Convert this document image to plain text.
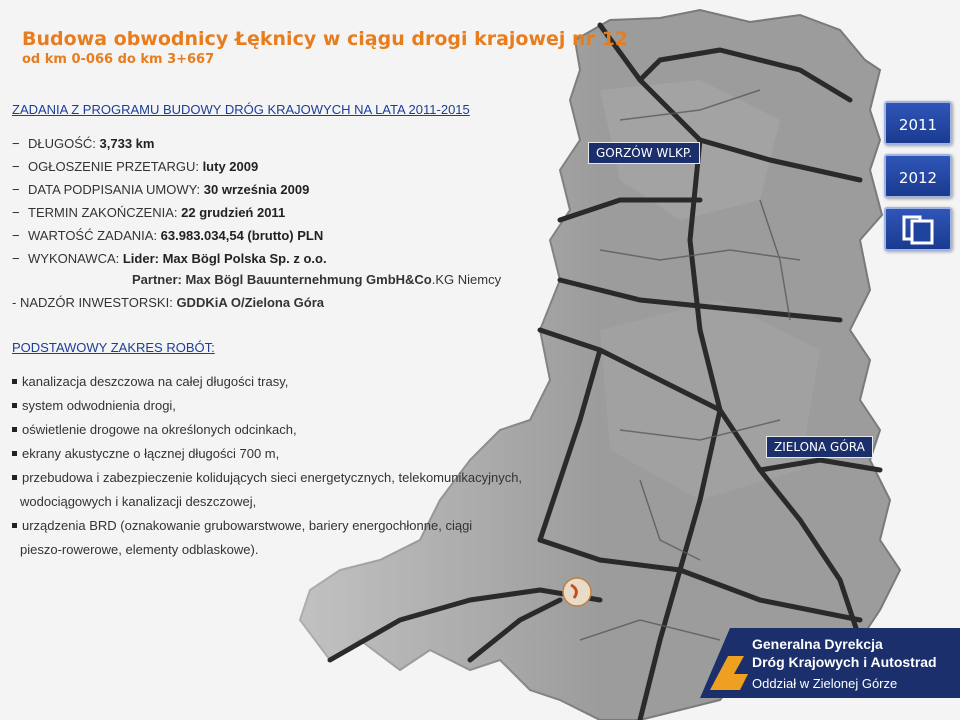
Budowa obwodnicy Łęknicy w ciągu drogi krajowej nr 12
od km 0-066 do km 3+667
ZADANIA Z PROGRAMU BUDOWY DRÓG KRAJOWYCH NA LATA 2011-2015
− DŁUGOŚĆ: 3,733 km
− OGŁOSZENIE PRZETARGU: luty 2009
− DATA PODPISANIA UMOWY: 30 września 2009
− TERMIN ZAKOŃCZENIA: 22 grudzień 2011
− WARTOŚĆ ZADANIA: 63.983.034,54 (brutto) PLN
− WYKONAWCA: Lider: Max Bögl Polska Sp. z o.o.
Partner: Max Bögl Bauunternehmung GmbH&Co.KG Niemcy
- NADZÓR INWESTORSKI: GDDKiA O/Zielona Góra
PODSTAWOWY ZAKRES ROBÓT:
kanalizacja deszczowa na całej długości trasy,
system odwodnienia drogi,
oświetlenie drogowe na określonych odcinkach,
ekrany akustyczne o łącznej długości 700 m,
przebudowa i zabezpieczenie kolidujących sieci energetycznych, telekomunikacyjnych,
wodociągowych i kanalizacji deszczowej,
urządzenia BRD (oznakowanie grubowarstwowe, bariery energochłonne, ciągi
pieszo-rowerowe, elementy odblaskowe).
GORZÓW WLKP.
ZIELONA GÓRA
2011
2012
Generalna Dyrekcja
Dróg Krajowych i Autostrad
Oddział w Zielonej Górze
